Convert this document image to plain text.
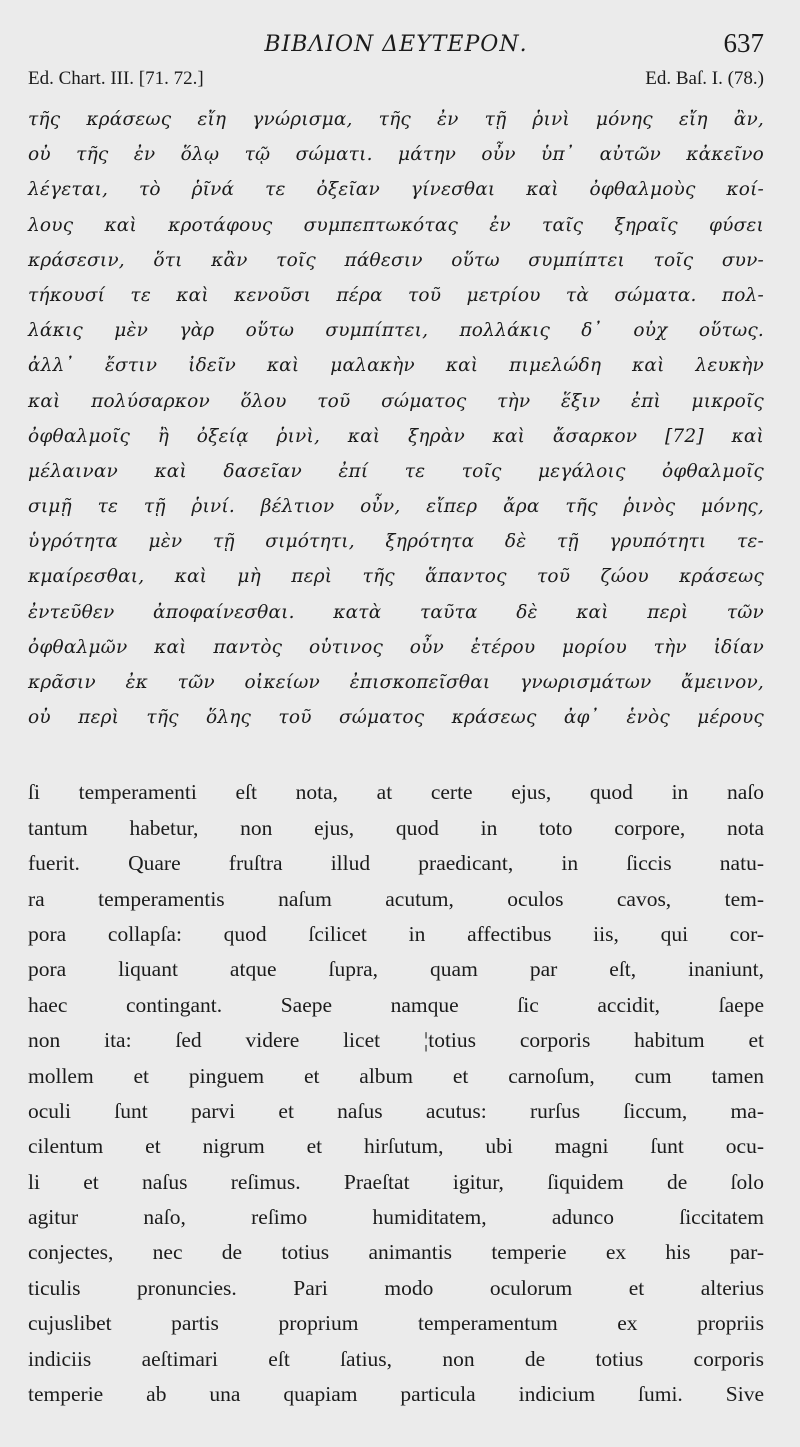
ΒΙΒΛΙΟΝ ΔΕΥΤΕΡΟΝ.	637
Ed. Chart. III. [71. 72.]	Ed. Baſ. I. (78.)
τῆς κράσεως εἴη γνώρισμα, τῆς ἐν τῇ ῥινὶ μόνης εἴη ἂν,
οὐ τῆς ἐν ὅλῳ τῷ σώματι. μάτην οὖν ὑπ᾿ αὐτῶν κἀκεῖνο
λέγεται, τὸ ῥῖνά τε ὀξεῖαν γίνεσθαι καὶ ὀφθαλμοὺς κοί-
λους καὶ κροτάφους συμπεπτωκότας ἐν ταῖς ξηραῖς φύσει
κράσεσιν, ὅτι κἂν τοῖς πάθεσιν οὕτω συμπίπτει τοῖς συν-
τήκουσί τε καὶ κενοῦσι πέρα τοῦ μετρίου τὰ σώματα. πολ-
λάκις μὲν γὰρ οὕτω συμπίπτει, πολλάκις δ᾿ οὐχ οὕτως.
ἀλλ᾿ ἔστιν ἰδεῖν καὶ μαλακὴν καὶ πιμελώδη καὶ λευκὴν
καὶ πολύσαρκον ὅλου τοῦ σώματος τὴν ἕξιν ἐπὶ μικροῖς
ὀφθαλμοῖς ἢ ὀξείᾳ ῥινὶ, καὶ ξηρὰν καὶ ἄσαρκον [72] καὶ
μέλαιναν καὶ δασεῖαν ἐπί τε τοῖς μεγάλοις ὀφθαλμοῖς
σιμῇ τε τῇ ῥινί. βέλτιον οὖν, εἴπερ ἄρα τῆς ῥινὸς μόνης,
ὑγρότητα μὲν τῇ σιμότητι, ξηρότητα δὲ τῇ γρυπότητι τε-
κμαίρεσθαι, καὶ μὴ περὶ τῆς ἅπαντος τοῦ ζώου κράσεως
ἐντεῦθεν ἀποφαίνεσθαι. κατὰ ταῦτα δὲ καὶ περὶ τῶν
ὀφθαλμῶν καὶ παντὸς οὑτινος οὖν ἑτέρου μορίου τὴν ἰδίαν
κρᾶσιν ἐκ τῶν οἰκείων ἐπισκοπεῖσθαι γνωρισμάτων ἄμεινον,
οὐ περὶ τῆς ὅλης τοῦ σώματος κράσεως ἀφ᾿ ἑνὸς μέρους
ſi temperamenti eſt nota, at certe ejus, quod in naſo
tantum habetur, non ejus, quod in toto corpore, nota
fuerit. Quare fruſtra illud praedicant, in ſiccis natu-
ra temperamentis naſum acutum, oculos cavos, tem-
pora collapſa: quod ſcilicet in affectibus iis, qui cor-
pora liquant atque ſupra, quam par eſt, inaniunt,
haec contingant. Saepe namque ſic accidit, ſaepe
non ita: ſed videre licet ¦totius corporis habitum et
mollem et pinguem et album et carnoſum, cum tamen
oculi ſunt parvi et naſus acutus: rurſus ſiccum, ma-
cilentum et nigrum et hirſutum, ubi magni ſunt ocu-
li et naſus reſimus. Praeſtat igitur, ſiquidem de ſolo
agitur naſo, reſimo humiditatem, adunco ſiccitatem
conjectes, nec de totius animantis temperie ex his par-
ticulis pronuncies. Pari modo oculorum et alterius
cujuslibet partis proprium temperamentum ex propriis
indiciis aeſtimari eſt ſatius, non de totius corporis
temperie ab una quapiam particula indicium ſumi. Sive
